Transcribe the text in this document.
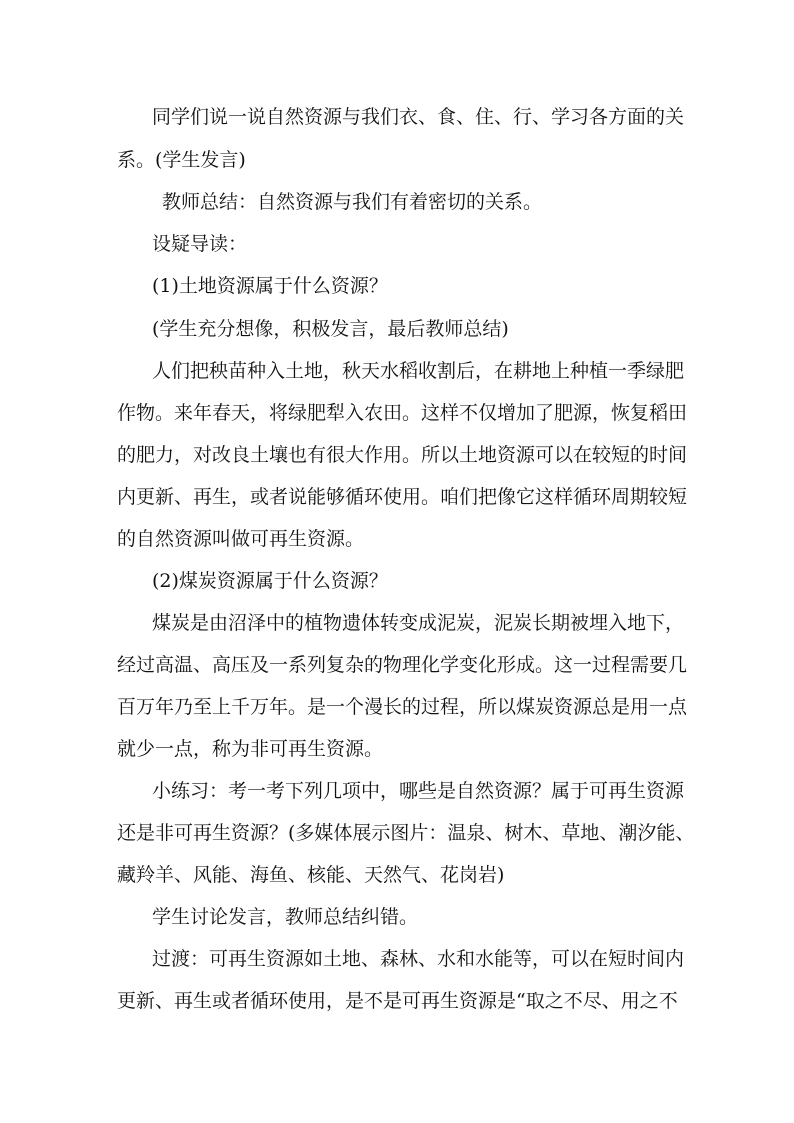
同学们说一说自然资源与我们衣、食、住、行、学习各方面的关
系。(学生发言)
教师总结：自然资源与我们有着密切的关系。
设疑导读：
(1)土地资源属于什么资源？
(学生充分想像，积极发言，最后教师总结)
人们把秧苗种入土地，秋天水稻收割后，在耕地上种植一季绿肥
作物。来年春天，将绿肥犁入农田。这样不仅增加了肥源，恢复稻田
的肥力，对改良土壤也有很大作用。所以土地资源可以在较短的时间
内更新、再生，或者说能够循环使用。咱们把像它这样循环周期较短
的自然资源叫做可再生资源。
(2)煤炭资源属于什么资源？
煤炭是由沼泽中的植物遗体转变成泥炭，泥炭长期被埋入地下，
经过高温、高压及一系列复杂的物理化学变化形成。这一过程需要几
百万年乃至上千万年。是一个漫长的过程，所以煤炭资源总是用一点
就少一点，称为非可再生资源。
小练习：考一考下列几项中，哪些是自然资源？属于可再生资源
还是非可再生资源？(多媒体展示图片：温泉、树木、草地、潮汐能、
藏羚羊、风能、海鱼、核能、天然气、花岗岩)
学生讨论发言，教师总结纠错。
过渡：可再生资源如土地、森林、水和水能等，可以在短时间内
更新、再生或者循环使用，是不是可再生资源是“取之不尽、用之不
